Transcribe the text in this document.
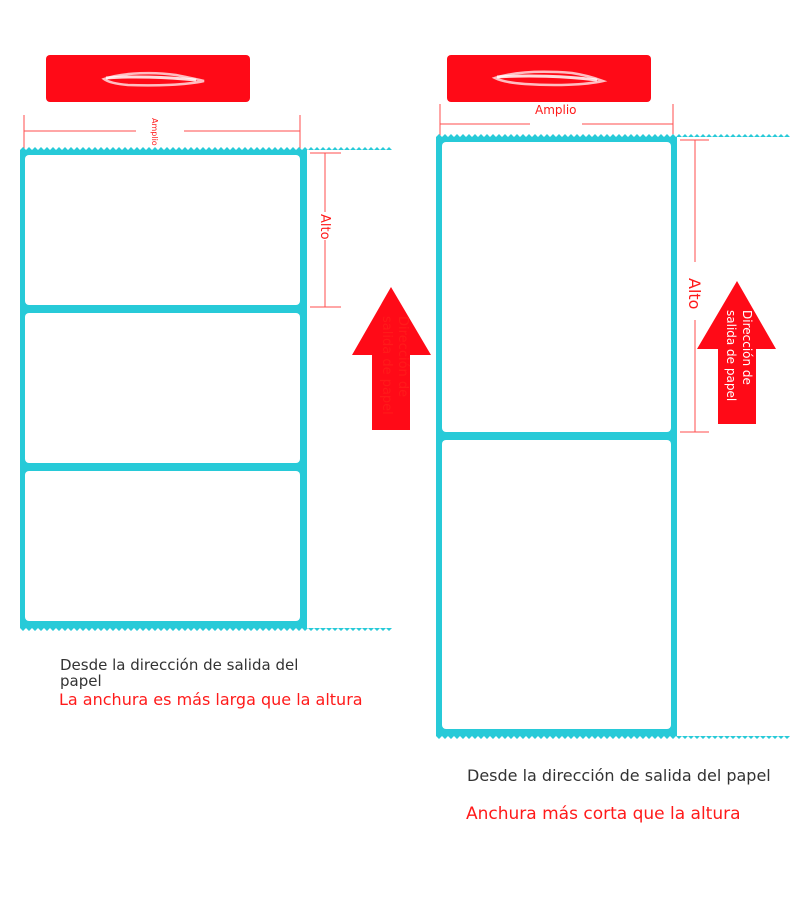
Amplio
Alto
Dirección de
salida de papel
Desde la dirección de salida del papel
La anchura es más larga que la altura
Amplio
Alto
Dirección de
salida de papel
Desde la dirección de salida del papel
Anchura más corta que la altura
